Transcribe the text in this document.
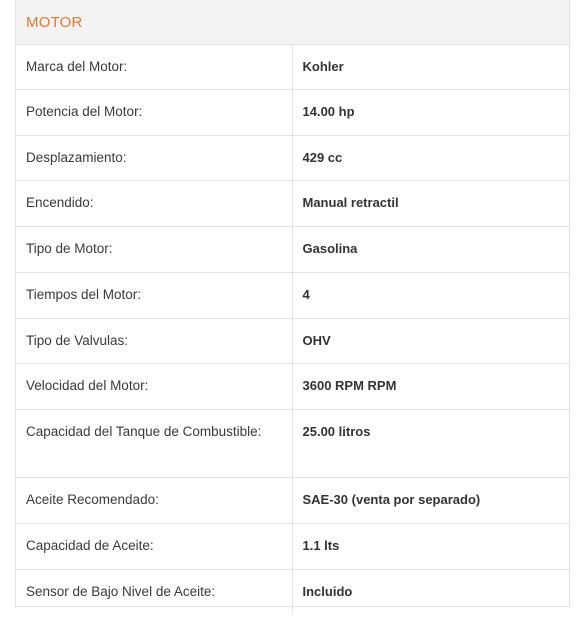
MOTOR
Marca del Motor:	Kohler
Potencia del Motor:	14.00 hp
Desplazamiento:	429 cc
Encendido:	Manual retractil
Tipo de Motor:	Gasolina
Tiempos del Motor:	4
Tipo de Valvulas:	OHV
Velocidad del Motor:	3600 RPM RPM
Capacidad del Tanque de Combustible:	25.00 litros
Aceite Recomendado:	SAE-30 (venta por separado)
Capacidad de Aceite:	1.1 lts
Sensor de Bajo Nivel de Aceite:	Incluido
